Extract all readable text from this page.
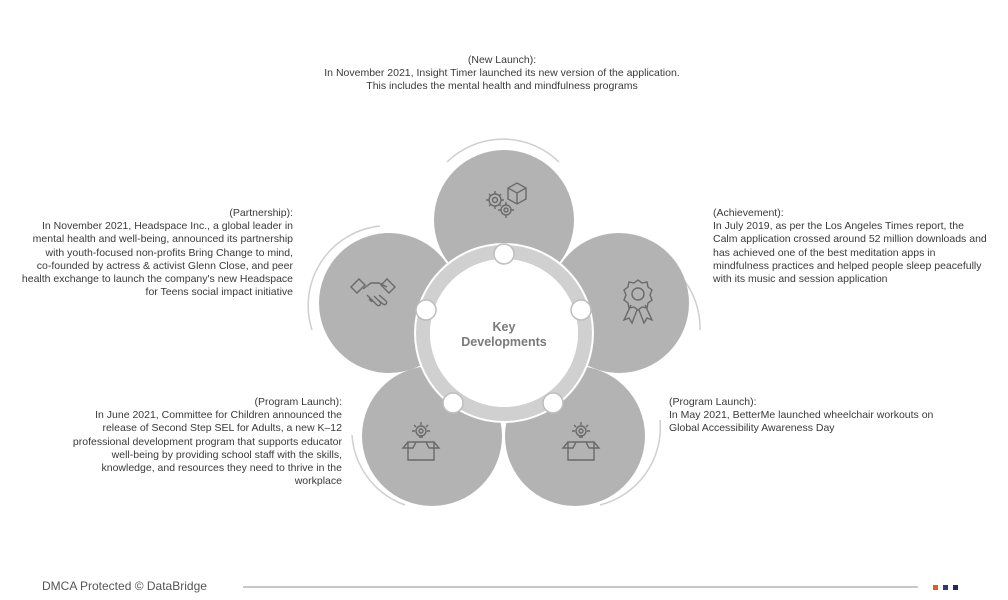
Key
Developments
(New Launch):
In November 2021, Insight Timer launched its new version of the application.
This includes the mental health and mindfulness programs
(Achievement):
In July 2019, as per the Los Angeles Times report, the
Calm application crossed around 52 million downloads and
has achieved one of the best meditation apps in
mindfulness practices and helped people sleep peacefully
with its music and session application
(Program Launch):
In May 2021, BetterMe launched wheelchair workouts on
Global Accessibility Awareness Day
(Program Launch):
In June 2021, Committee for Children announced the
release of Second Step SEL for Adults, a new K–12
professional development program that supports educator
well-being by providing school staff with the skills,
knowledge, and resources they need to thrive in the
workplace
(Partnership):
In November 2021, Headspace Inc., a global leader in
mental health and well-being, announced its partnership
with youth-focused non-profits Bring Change to mind,
co-founded by actress & activist Glenn Close, and peer
health exchange to launch the company's new Headspace
for Teens social impact initiative
DMCA Protected © DataBridge
